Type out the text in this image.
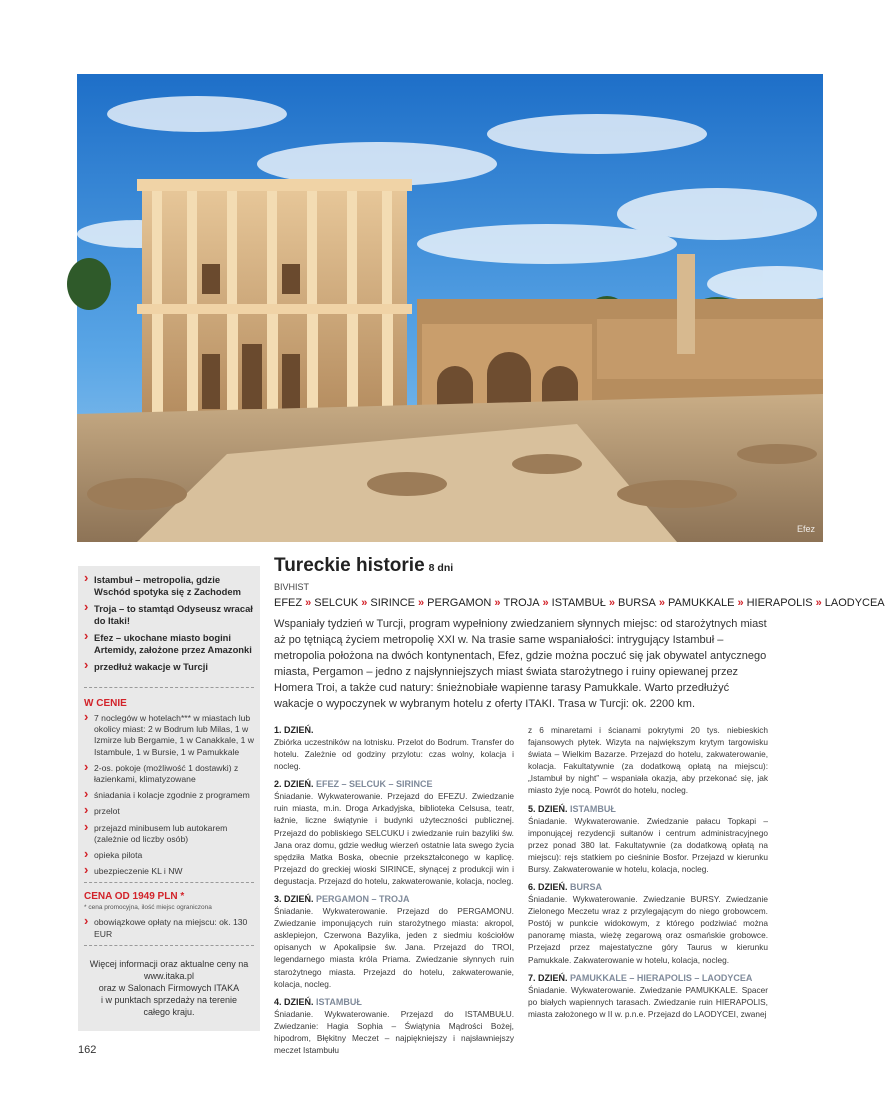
Efez
› Istambuł – metropolia, gdzie Wschód spotyka się z Zachodem
› Troja – to stamtąd Odyseusz wracał do Itaki!
› Efez – ukochane miasto bogini Artemidy, założone przez Amazonki
› przedłuż wakacje w Turcji
W CENIE
› 7 noclegów w hotelach*** w miastach lub okolicy miast: 2 w Bodrum lub Milas, 1 w Izmirze lub Bergamie, 1 w Canakkale, 1 w Istambule, 1 w Bursie, 1 w Pamukkale
› 2-os. pokoje (możliwość 1 dostawki) z łazienkami, klimatyzowane
› śniadania i kolacje zgodnie z programem
› przelot
› przejazd minibusem lub autokarem (zależnie od liczby osób)
› opieka pilota
› ubezpieczenie KL i NW
CENA OD 1949 PLN *
* cena promocyjna, ilość miejsc ograniczona
› obowiązkowe opłaty na miejscu: ok. 130 EUR
Więcej informacji oraz aktualne ceny na
www.itaka.pl
oraz w Salonach Firmowych ITAKA
i w punktach sprzedaży na terenie
całego kraju.
162
Tureckie historie 8 dni
BIVHIST
EFEZ » SELCUK » SIRINCE » PERGAMON » TROJA » ISTAMBUŁ » BURSA » PAMUKKALE » HIERAPOLIS » LAODYCEA
Wspaniały tydzień w Turcji, program wypełniony zwiedzaniem słynnych miejsc: od starożytnych miast aż po tętniącą życiem metropolię XXI w. Na trasie same wspaniałości: intrygujący Istambuł – metropolia położona na dwóch kontynentach, Efez, gdzie można poczuć się jak obywatel antycznego miasta, Pergamon – jedno z najsłynniejszych miast świata starożytnego i ruiny opiewanej przez Homera Troi, a także cud natury: śnieżnobiałe wapienne tarasy Pamukkale. Warto przedłużyć wakacje o wypoczynek w wybranym hotelu z oferty ITAKI. Trasa w Turcji: ok. 2200 km.
1. DZIEŃ.
Zbiórka uczestników na lotnisku. Przelot do Bodrum. Transfer do hotelu. Zależnie od godziny przylotu: czas wolny, kolacja i nocleg.
2. DZIEŃ. EFEZ – SELCUK – SIRINCE
Śniadanie. Wykwaterowanie. Przejazd do EFEZU. Zwiedzanie ruin miasta, m.in. Droga Arkadyjska, biblioteka Celsusa, teatr, łaźnie, liczne świątynie i budynki użyteczności publicznej. Przejazd do pobliskiego SELCUKU i zwiedzanie ruin bazyliki św. Jana oraz domu, gdzie według wierzeń ostatnie lata swego życia spędziła Matka Boska, obecnie przekształconego w kaplicę. Przejazd do greckiej wioski SIRINCE, słynącej z produkcji win i degustacja. Przejazd do hotelu, zakwaterowanie, kolacja, nocleg.
3. DZIEŃ. PERGAMON – TROJA
Śniadanie. Wykwaterowanie. Przejazd do PERGAMONU. Zwiedzanie imponujących ruin starożytnego miasta: akropol, asklepiejon, Czerwona Bazylika, jeden z siedmiu kościołów opisanych w Apokalipsie św. Jana. Przejazd do TROI, legendarnego miasta króla Priama. Zwiedzanie słynnych ruin starożytnego miasta. Przejazd do hotelu, zakwaterowanie, kolacja, nocleg.
4. DZIEŃ. ISTAMBUŁ
Śniadanie. Wykwaterowanie. Przejazd do ISTAMBUŁU. Zwiedzanie: Hagia Sophia – Świątynia Mądrości Bożej, hipodrom, Błękitny Meczet – najpiękniejszy i najsławniejszy meczet Istambułu
z 6 minaretami i ścianami pokrytymi 20 tys. niebieskich fajansowych płytek. Wizyta na największym krytym targowisku świata – Wielkim Bazarze. Przejazd do hotelu, zakwaterowanie, kolacja. Fakultatywnie (za dodatkową opłatą na miejscu): „Istambuł by night” – wspaniała okazja, aby przekonać się, jak miasto żyje nocą. Powrót do hotelu, nocleg.
5. DZIEŃ. ISTAMBUŁ
Śniadanie. Wykwaterowanie. Zwiedzanie pałacu Topkapi – imponującej rezydencji sułtanów i centrum administracyjnego przez ponad 380 lat. Fakultatywnie (za dodatkową opłatą na miejscu): rejs statkiem po cieśninie Bosfor. Przejazd w kierunku Bursy. Zakwaterowanie w hotelu, kolacja, nocleg.
6. DZIEŃ. BURSA
Śniadanie. Wykwaterowanie. Zwiedzanie BURSY. Zwiedzanie Zielonego Meczetu wraz z przylegającym do niego grobowcem. Postój w punkcie widokowym, z którego podziwiać można panoramę miasta, wieżę zegarową oraz osmańskie grobowce. Przejazd przez majestatyczne góry Taurus w kierunku Pamukkale. Zakwaterowanie w hotelu, kolacja, nocleg.
7. DZIEŃ. PAMUKKALE – HIERAPOLIS – LAODYCEA
Śniadanie. Wykwaterowanie. Zwiedzanie PAMUKKALE. Spacer po białych wapiennych tarasach. Zwiedzanie ruin HIERAPOLIS, miasta założonego w II w. p.n.e. Przejazd do LAODYCEI, zwanej
